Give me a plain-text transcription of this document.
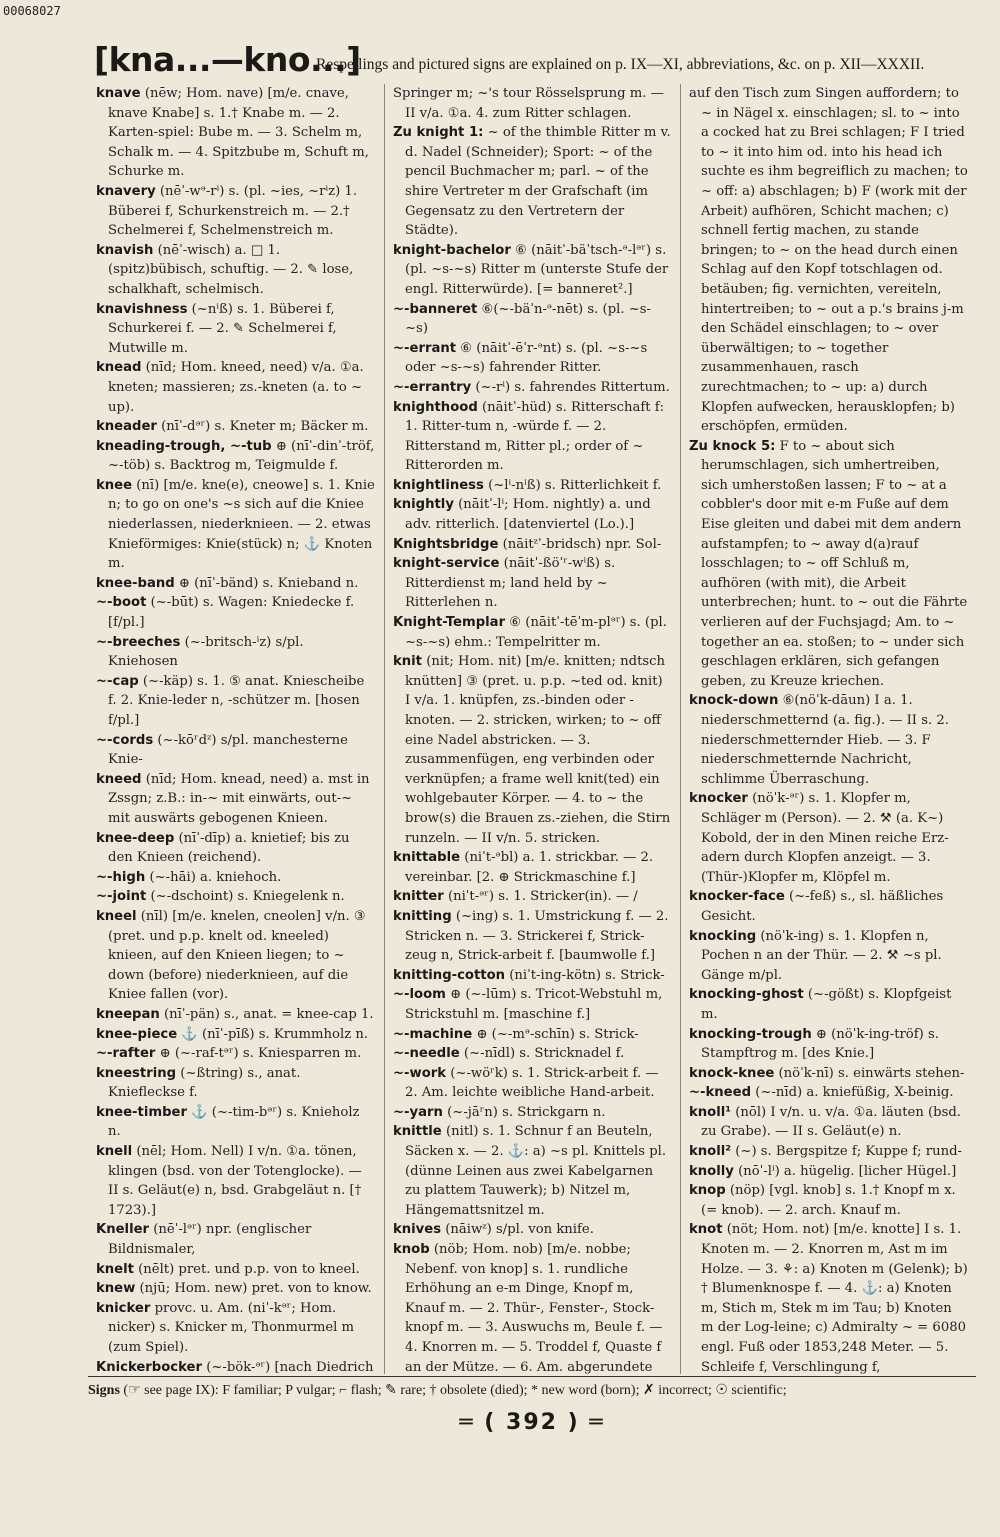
00068027
[kna...—kno...]
Respellings and pictured signs are explained on p. IX—XI, abbreviations, &c. on p. XII—XXXII.

knave (nēw; Hom. nave) [m/e. cnave, knave Knabe] s. 1.† Knabe m. — 2. Karten-spiel: Bube m. — 3. Schelm m, Schalk m. — 4. Spitzbube m, Schuft m, Schurke m.

knavery (nēˈ-wᵊ-rⁱ) s. (pl. ~ies, ~rⁱz) 1. Büberei f, Schurkenstreich m. — 2.† Schelmerei f, Schelmenstreich m.

knavish (nēˈ-wisch) a. □ 1. (spitz)bübisch, schuftig. — 2. ✎ lose, schalkhaft, schelmisch.

knavishness (~nⁱß) s. 1. Büberei f, Schurkerei f. — 2. ✎ Schelmerei f, Mutwille m.

knead (nīd; Hom. kneed, need) v/a. ①a. kneten; massieren; zs.-kneten (a. to ~ up).

kneader (nīˈ-dᵊʳ) s. Kneter m; Bäcker m.

kneading-trough, ~-tub ⊕ (nīˈ-dinˈ-tröf, ~-töb) s. Backtrog m, Teigmulde f.

knee (nī) [m/e. kne(e), cneowe] s. 1. Knie n; to go on one's ~s sich auf die Kniee niederlassen, niederknieen. — 2. etwas Knieförmiges: Knie(stück) n; ⚓ Knoten m.

knee-band ⊕ (nīˈ-bänd) s. Knieband n.

~-boot (~-būt) s. Wagen: Kniedecke f. [f/pl.]

~-breeches (~-britsch-ⁱz) s/pl. Kniehosen

~-cap (~-käp) s. 1. ⑤ anat. Kniescheibe f. 2. Knie-leder n, -schützer m. [hosen f/pl.]

~-cords (~-kōʳdᶻ) s/pl. manchesterne Knie-

kneed (nīd; Hom. knead, need) a. mst in Zssgn; z.B.: in-~ mit einwärts, out-~ mit auswärts gebogenen Knieen.

knee-deep (nīˈ-dīp) a. knietief; bis zu den Knieen (reichend).

~-high (~-hāi) a. kniehoch.

~-joint (~-dschoint) s. Kniegelenk n.

kneel (nīl) [m/e. knelen, cneolen] v/n. ③ (pret. und p.p. knelt od. kneeled) knieen, auf den Knieen liegen; to ~ down (before) niederknieen, auf die Kniee fallen (vor).

kneepan (nīˈ-pän) s., anat. = knee-cap 1.

knee-piece ⚓ (nīˈ-pīß) s. Krummholz n.

~-rafter ⊕ (~-raf-tᵊʳ) s. Kniesparren m.

kneestring (~ßtring) s., anat. Kniefleckse f.

knee-timber ⚓ (~-tim-bᵊʳ) s. Knieholz n.

knell (nēl; Hom. Nell) I v/n. ①a. tönen, klingen (bsd. von der Totenglocke). — II s. Geläut(e) n, bsd. Grabgeläut n. [† 1723).]

Kneller (nēˈ-lᵊʳ) npr. (englischer Bildnismaler,

knelt (nēlt) pret. und p.p. von to kneel.

knew (njū; Hom. new) pret. von to know.

knicker provc. u. Am. (niˈ-kᵊʳ; Hom. nicker) s. Knicker m, Thonmurmel m (zum Spiel).

Knickerbocker (~-bök-ᵊʳ) [nach Diedrich

Springer m; ~'s tour Rösselsprung m. — II v/a. ①a. 4. zum Ritter schlagen.

Zu knight 1: ~ of the thimble Ritter m v. d. Nadel (Schneider); Sport: ~ of the pencil Buchmacher m; parl. ~ of the shire Vertreter m der Grafschaft (im Gegensatz zu den Vertretern der Städte).

knight-bachelor ⑥ (nāitˈ-bäˈtsch-ᵊ-lᵊʳ) s. (pl. ~s-~s) Ritter m (unterste Stufe der engl. Ritterwürde). [= banneret².]

~-banneret ⑥(~-bäˈn-ᵊ-nēt) s. (pl. ~s-~s)

~-errant ⑥ (nāitˈ-ēˈr-ᵊnt) s. (pl. ~s-~s oder ~s-~s) fahrender Ritter.

~-errantry (~-rⁱ) s. fahrendes Rittertum.

knighthood (nāitˈ-hüd) s. Ritterschaft f: 1. Ritter-tum n, -würde f. — 2. Ritterstand m, Ritter pl.; order of ~ Ritterorden m.

knightliness (~lⁱ-nⁱß) s. Ritterlichkeit f.

knightly (nāitˈ-lⁱ; Hom. nightly) a. und adv. ritterlich. [datenviertel (Lo.).]

Knightsbridge (nāitᶻˈ-bridsch) npr. Sol-

knight-service (nāitˈ-ßöˈʳ-wⁱß) s. Ritterdienst m; land held by ~ Ritterlehen n.

Knight-Templar ⑥ (nāitˈ-tēˈm-plᵊʳ) s. (pl. ~s-~s) ehm.: Tempelritter m.

knit (nit; Hom. nit) [m/e. knitten; ndtsch knütten] ③ (pret. u. p.p. ~ted od. knit) I v/a. 1. knüpfen, zs.-binden oder -knoten. — 2. stricken, wirken; to ~ off eine Nadel abstricken. — 3. zusammenfügen, eng verbinden oder verknüpfen; a frame well knit(ted) ein wohlgebauter Körper. — 4. to ~ the brow(s) die Brauen zs.-ziehen, die Stirn runzeln. — II v/n. 5. stricken.

knittable (niˈt-ᵊbl) a. 1. strickbar. — 2. vereinbar. [2. ⊕ Strickmaschine f.]

knitter (niˈt-ᵊʳ) s. 1. Stricker(in). — /

knitting (~ing) s. 1. Umstrickung f. — 2. Stricken n. — 3. Strickerei f, Strick-zeug n, Strick-arbeit f. [baumwolle f.]

knitting-cotton (niˈt-ing-kötn) s. Strick-

~-loom ⊕ (~-lūm) s. Tricot-Webstuhl m, Strickstuhl m. [maschine f.]

~-machine ⊕ (~-mᵊ-schīn) s. Strick-

~-needle (~-nīdl) s. Stricknadel f.

~-work (~-wöʳk) s. 1. Strick-arbeit f. — 2. Am. leichte weibliche Hand-arbeit.

~-yarn (~-jāʳn) s. Strickgarn n.

knittle (nitl) s. 1. Schnur f an Beuteln, Säcken x. — 2. ⚓: a) ~s pl. Knittels pl. (dünne Leinen aus zwei Kabelgarnen zu plattem Tauwerk); b) Nitzel m, Hängemattsnitzel m.

knives (nāiwᶻ) s/pl. von knife.

knob (nöb; Hom. nob) [m/e. nobbe; Nebenf. von knop] s. 1. rundliche Erhöhung an e-m Dinge, Knopf m, Knauf m. — 2. Thür-, Fenster-, Stock-knopf m. — 3. Auswuchs m, Beule f. — 4. Knorren m. — 5. Troddel f, Quaste f an der Mütze. — 6. Am. abgerundete

auf den Tisch zum Singen auffordern; to ~ in Nägel x. einschlagen; sl. to ~ into a cocked hat zu Brei schlagen; F I tried to ~ it into him od. into his head ich suchte es ihm begreiflich zu machen; to ~ off: a) abschlagen; b) F (work mit der Arbeit) aufhören, Schicht machen; c) schnell fertig machen, zu stande bringen; to ~ on the head durch einen Schlag auf den Kopf totschlagen od. betäuben; fig. vernichten, vereiteln, hintertreiben; to ~ out a p.'s brains j-m den Schädel einschlagen; to ~ over überwältigen; to ~ together zusammenhauen, rasch zurechtmachen; to ~ up: a) durch Klopfen aufwecken, herausklopfen; b) erschöpfen, ermüden.

Zu knock 5: F to ~ about sich herumschlagen, sich umhertreiben, sich umherstoßen lassen; F to ~ at a cobbler's door mit e-m Fuße auf dem Eise gleiten und dabei mit dem andern aufstampfen; to ~ away d(a)rauf losschlagen; to ~ off Schluß m, aufhören (with mit), die Arbeit unterbrechen; hunt. to ~ out die Fährte verlieren auf der Fuchsjagd; Am. to ~ together an ea. stoßen; to ~ under sich geschlagen erklären, sich gefangen geben, zu Kreuze kriechen.

knock-down ⑥(nöˈk-dāun) I a. 1. niederschmetternd (a. fig.). — II s. 2. niederschmetternder Hieb. — 3. F niederschmetternde Nachricht, schlimme Überraschung.

knocker (nöˈk-ᵊʳ) s. 1. Klopfer m, Schläger m (Person). — 2. ⚒ (a. K~) Kobold, der in den Minen reiche Erz-adern durch Klopfen anzeigt. — 3. (Thür-)Klopfer m, Klöpfel m.

knocker-face (~-feß) s., sl. häßliches Gesicht.

knocking (nöˈk-ing) s. 1. Klopfen n, Pochen n an der Thür. — 2. ⚒ ~s pl. Gänge m/pl.

knocking-ghost (~-gößt) s. Klopfgeist m.

knocking-trough ⊕ (nöˈk-ing-tröf) s. Stampftrog m. [des Knie.]

knock-knee (nöˈk-nī) s. einwärts stehen-

~-kneed (~-nīd) a. kniefüßig, X-beinig.

knoll¹ (nōl) I v/n. u. v/a. ①a. läuten (bsd. zu Grabe). — II s. Geläut(e) n.

knoll² (~) s. Bergspitze f; Kuppe f; rund-

knolly (nōˈ-lⁱ) a. hügelig. [licher Hügel.]

knop (nöp) [vgl. knob] s. 1.† Knopf m x. (= knob). — 2. arch. Knauf m.

knot (nöt; Hom. not) [m/e. knotte] I s. 1. Knoten m. — 2. Knorren m, Ast m im Holze. — 3. ⚘: a) Knoten m (Gelenk); b) † Blumenknospe f. — 4. ⚓: a) Knoten m, Stich m, Stek m im Tau; b) Knoten m der Log-leine; c) Admiralty ~ = 6080 engl. Fuß oder 1853,248 Meter. — 5. Schleife f, Verschlingung f,

Signs (☞ see page IX): F familiar; P vulgar; ⌐ flash; ✎ rare; † obsolete (died); * new word (born); ✗ incorrect; ☉ scientific;
═ ( 392 ) ═
